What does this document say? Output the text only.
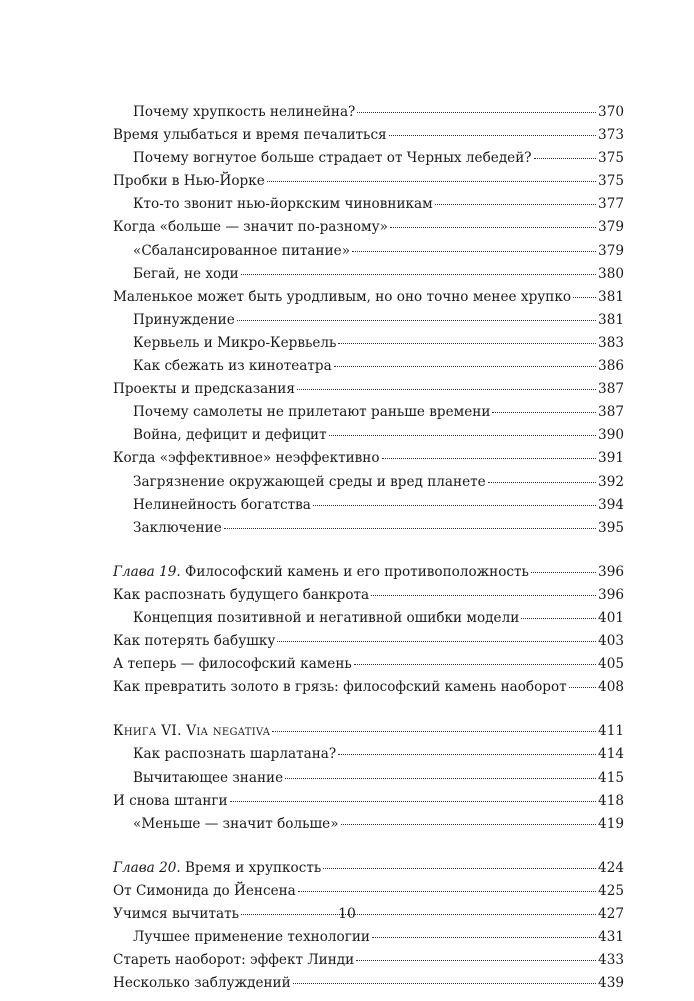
Почему хрупкость нелинейна?	370
Время улыбаться и время печалиться	373
Почему вогнутое больше страдает от Черных лебедей?	375
Пробки в Нью-Йорке	375
Кто-то звонит нью-йоркским чиновникам	377
Когда «больше — значит по-разному»	379
«Сбалансированное питание»	379
Бегай, не ходи	380
Маленькое может быть уродливым, но оно точно менее хрупко 381
Принуждение	381
Кервьель и Микро-Кервьель	383
Как сбежать из кинотеатра	386
Проекты и предсказания	387
Почему самолеты не прилетают раньше времени	387
Война, дефицит и дефицит	390
Когда «эффективное» неэффективно	391
Загрязнение окружающей среды и вред планете	392
Нелинейность богатства	394
Заключение	395
Глава 19. Философский камень и его противоположность	396
Как распознать будущего банкрота	396
Концепция позитивной и негативной ошибки модели	401
Как потерять бабушку	403
А теперь — философский камень	405
Как превратить золото в грязь: философский камень наоборот 408
Книга VI. Via negativa	411
Как распознать шарлатана?	414
Вычитающее знание	415
И снова штанги	418
«Меньше — значит больше»	419
Глава 20. Время и хрупкость	424
От Симонида до Йенсена	425
Учимся вычитать	427
Лучшее применение технологии	431
Стареть наоборот: эффект Линди	433
Несколько заблуждений	439
10
